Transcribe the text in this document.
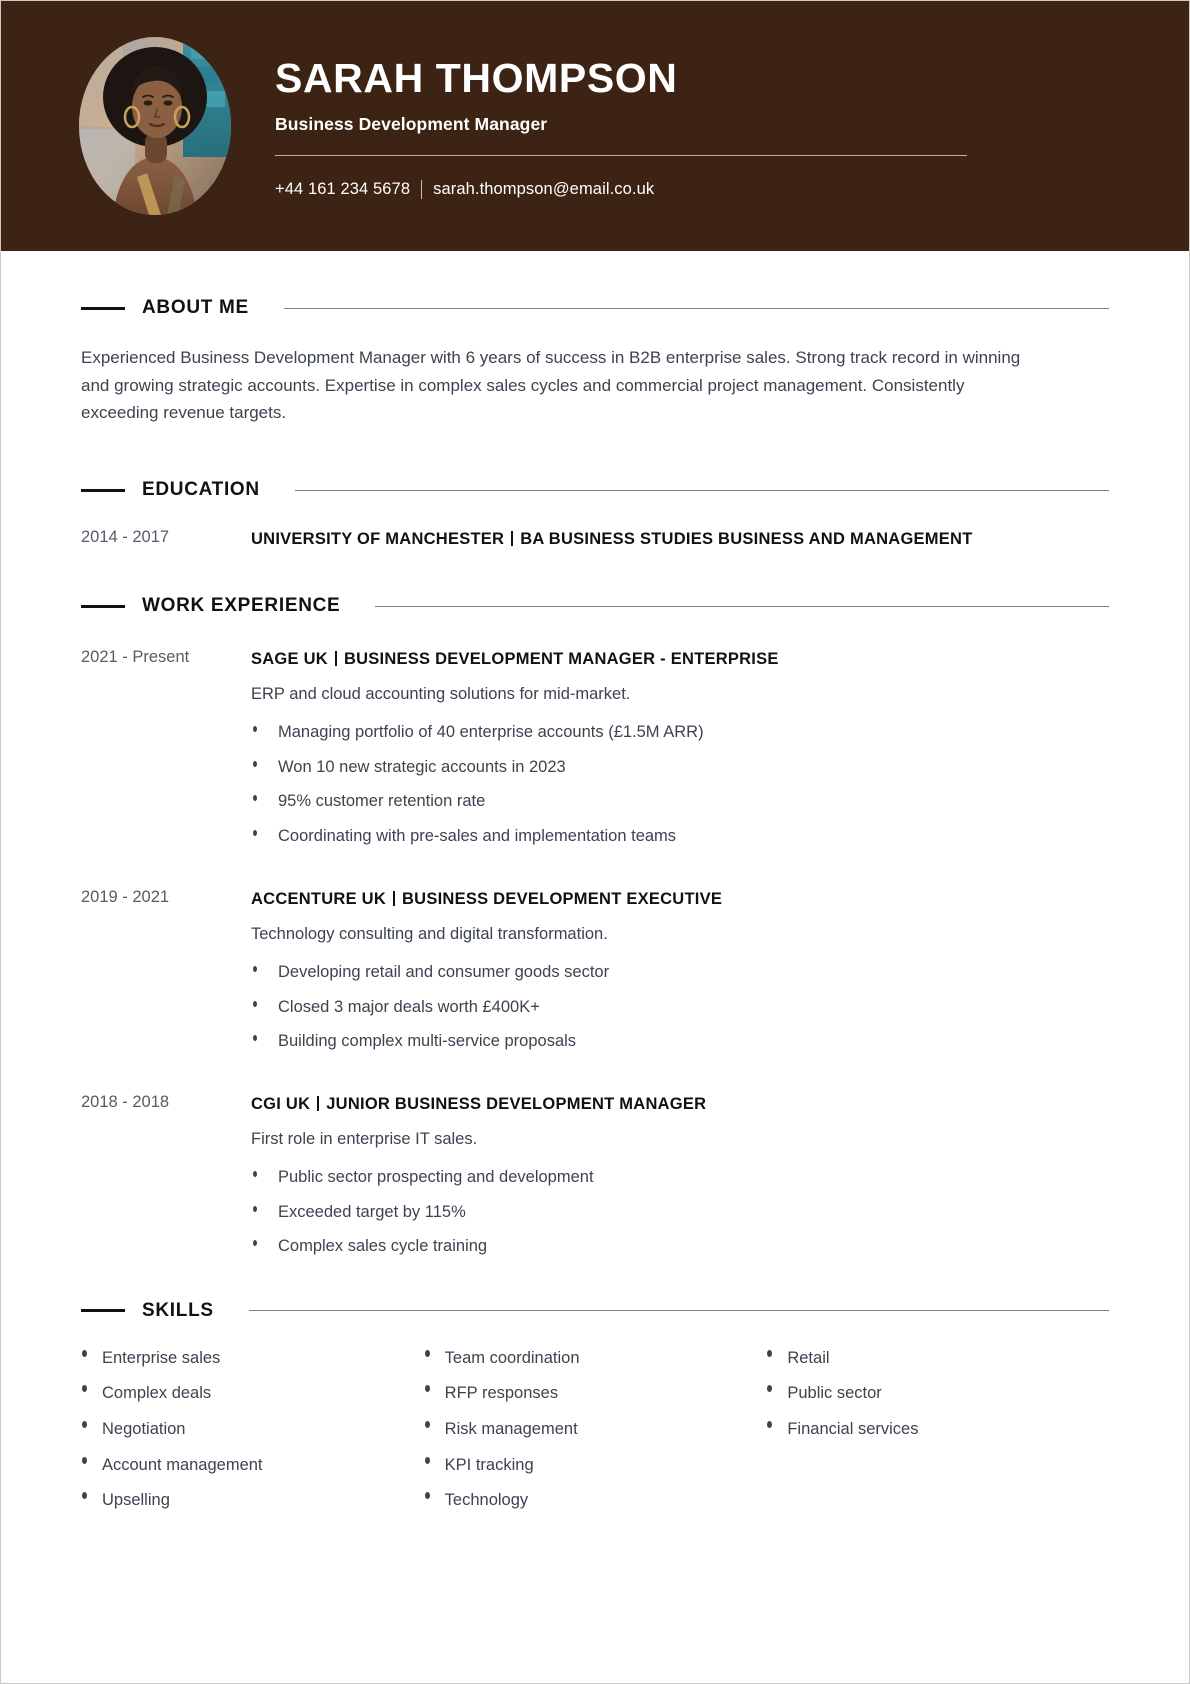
SARAH THOMPSON
Business Development Manager
+44 161 234 5678 sarah.thompson@email.co.uk
ABOUT ME

Experienced Business Development Manager with 6 years of success in B2B enterprise sales. Strong track record in winning and growing strategic accounts. Expertise in complex sales cycles and commercial project management. Consistently exceeding revenue targets.

EDUCATION
2014 - 2017	UNIVERSITY OF MANCHESTER BA BUSINESS STUDIES BUSINESS AND MANAGEMENT
WORK EXPERIENCE
2021 - Present	SAGE UK BUSINESS DEVELOPMENT MANAGER - ENTERPRISE

ERP and cloud accounting solutions for mid-market.

Managing portfolio of 40 enterprise accounts (£1.5M ARR)
Won 10 new strategic accounts in 2023
95% customer retention rate
Coordinating with pre-sales and implementation teams
2019 - 2021	ACCENTURE UK BUSINESS DEVELOPMENT EXECUTIVE

Technology consulting and digital transformation.

Developing retail and consumer goods sector
Closed 3 major deals worth £400K+
Building complex multi-service proposals
2018 - 2018	CGI UK JUNIOR BUSINESS DEVELOPMENT MANAGER

First role in enterprise IT sales.

Public sector prospecting and development
Exceeded target by 115%
Complex sales cycle training
SKILLS
Enterprise sales
Complex deals
Negotiation
Account management
Upselling
Team coordination
RFP responses
Risk management
KPI tracking
Technology
Retail
Public sector
Financial services
